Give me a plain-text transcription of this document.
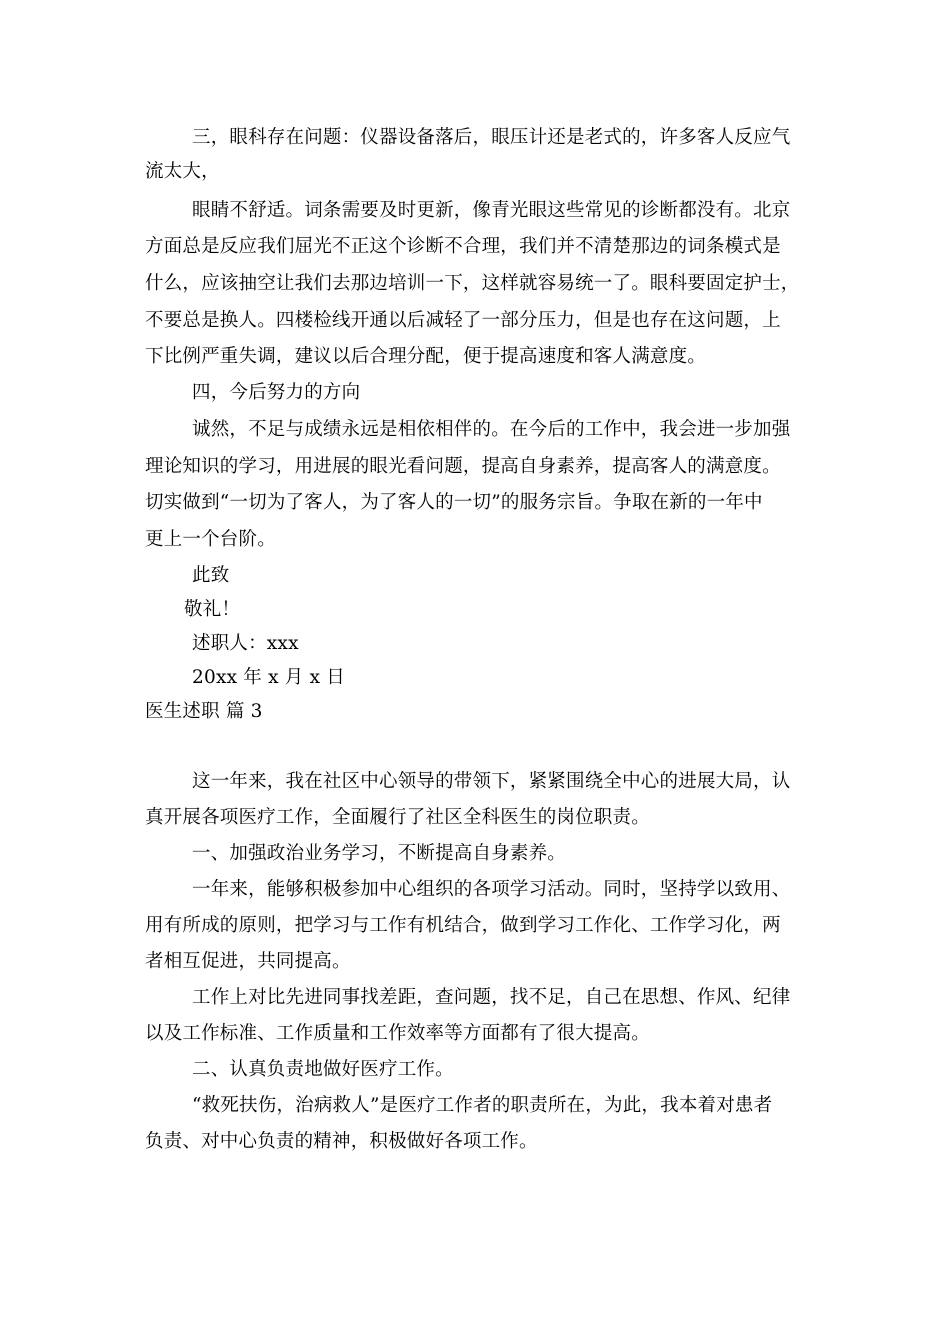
三，眼科存在问题：仪器设备落后，眼压计还是老式的，许多客人反应气
流太大，
眼睛不舒适。词条需要及时更新，像青光眼这些常见的诊断都没有。北京
方面总是反应我们屈光不正这个诊断不合理，我们并不清楚那边的词条模式是
什么，应该抽空让我们去那边培训一下，这样就容易统一了。眼科要固定护士，
不要总是换人。四楼检线开通以后减轻了一部分压力，但是也存在这问题，上
下比例严重失调，建议以后合理分配，便于提高速度和客人满意度。
四，今后努力的方向
诚然，不足与成绩永远是相依相伴的。在今后的工作中，我会进一步加强
理论知识的学习，用进展的眼光看问题，提高自身素养，提高客人的满意度。
切实做到“一切为了客人，为了客人的一切”的服务宗旨。争取在新的一年中
更上一个台阶。
此致
敬礼！
述职人：xxx
20xx 年 x 月 x 日
医生述职 篇 3
这一年来，我在社区中心领导的带领下，紧紧围绕全中心的进展大局，认
真开展各项医疗工作，全面履行了社区全科医生的岗位职责。
一、加强政治业务学习，不断提高自身素养。
一年来，能够积极参加中心组织的各项学习活动。同时，坚持学以致用、
用有所成的原则，把学习与工作有机结合，做到学习工作化、工作学习化，两
者相互促进，共同提高。
工作上对比先进同事找差距，查问题，找不足，自己在思想、作风、纪律
以及工作标准、工作质量和工作效率等方面都有了很大提高。
二、认真负责地做好医疗工作。
“救死扶伤，治病救人”是医疗工作者的职责所在，为此，我本着对患者
负责、对中心负责的精神，积极做好各项工作。
